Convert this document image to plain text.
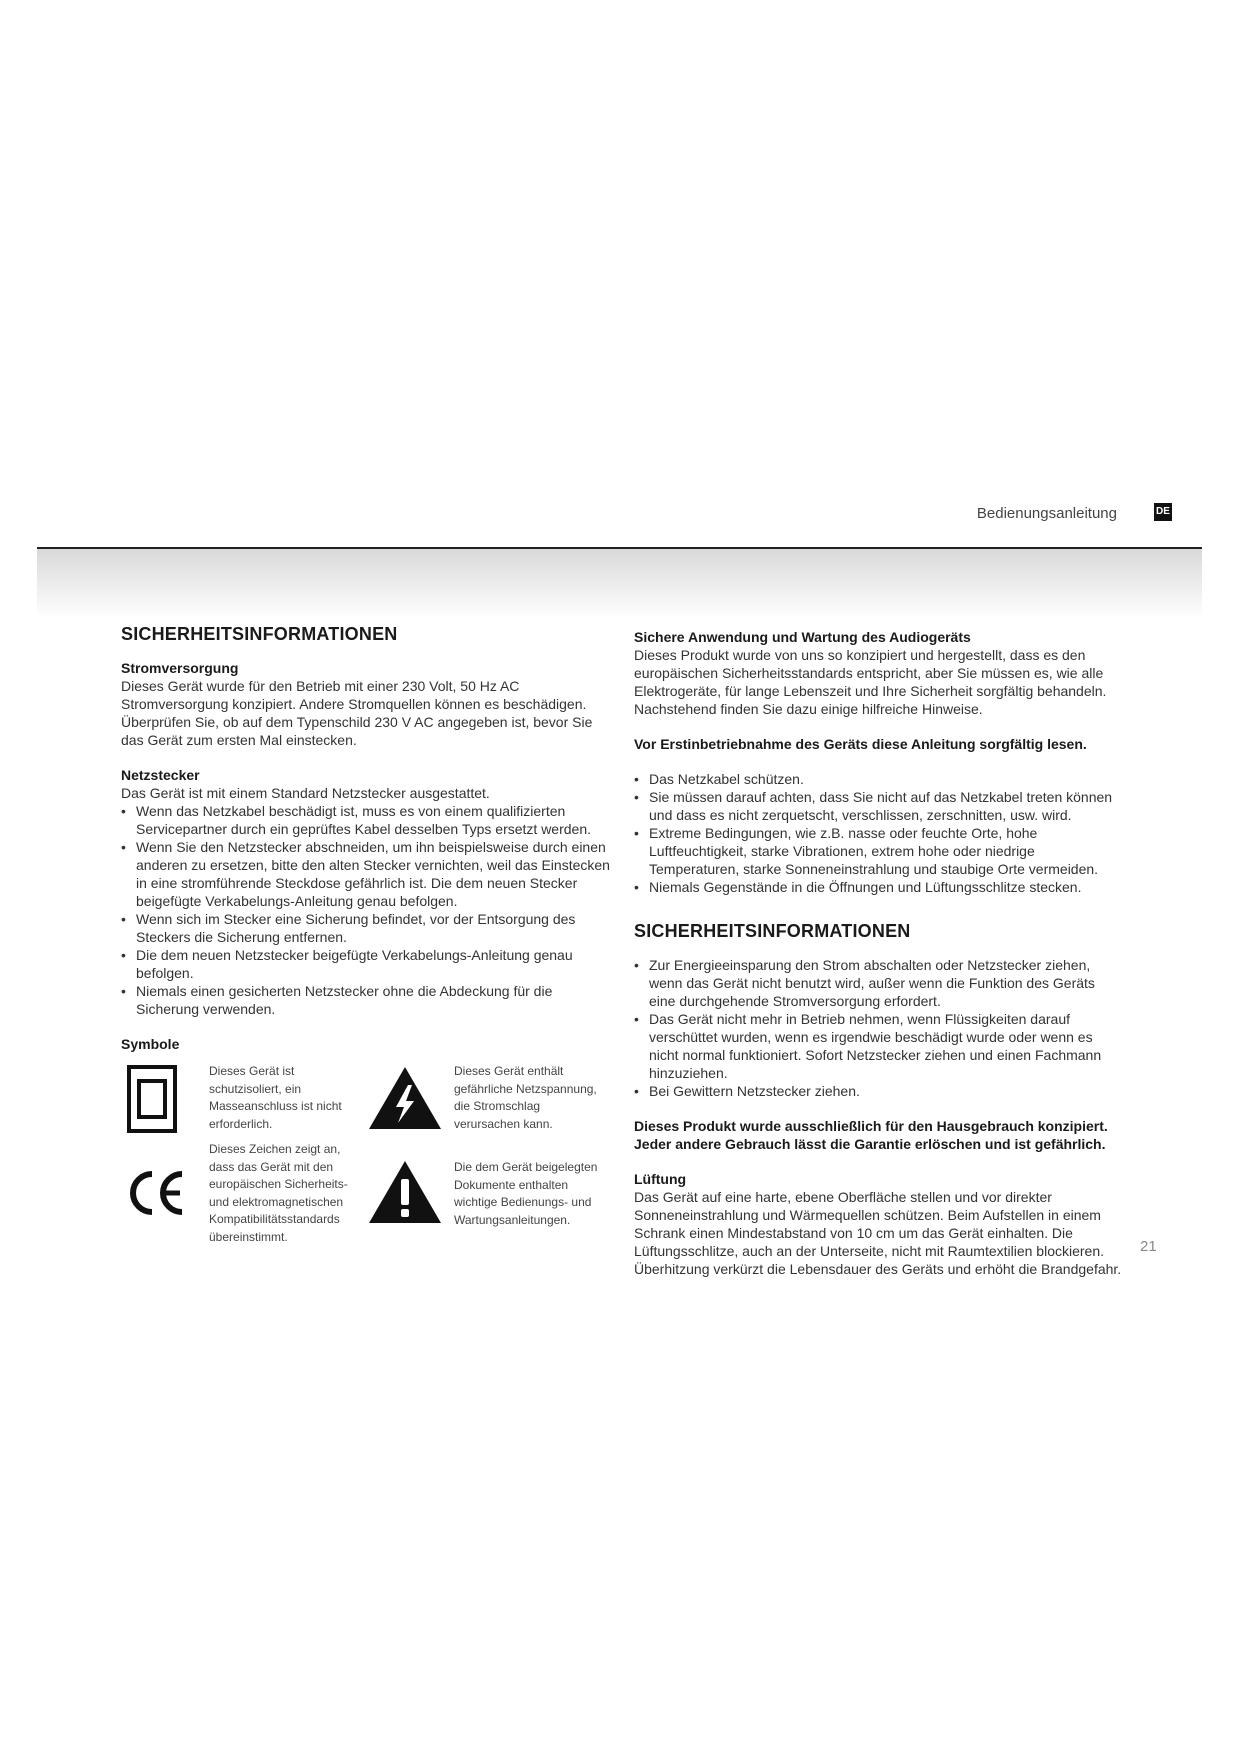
Bedienungsanleitung	DE
SICHERHEITSINFORMATIONEN
Stromversorgung

Dieses Gerät wurde für den Betrieb mit einer 230 Volt, 50 Hz AC Stromversorgung konzipiert. Andere Stromquellen können es beschädigen. Überprüfen Sie, ob auf dem Typenschild 230 V AC angegeben ist, bevor Sie das Gerät zum ersten Mal einstecken.

Netzstecker

Das Gerät ist mit einem Standard Netzstecker ausgestattet.

• Wenn das Netzkabel beschädigt ist, muss es von einem qualifizierten Servicepartner durch ein geprüftes Kabel desselben Typs ersetzt werden.
• Wenn Sie den Netzstecker abschneiden, um ihn beispielsweise durch einen anderen zu ersetzen, bitte den alten Stecker vernichten, weil das Einstecken in eine stromführende Steckdose gefährlich ist. Die dem neuen Stecker beigefügte Verkabelungs-Anleitung genau befolgen.
• Wenn sich im Stecker eine Sicherung befindet, vor der Entsorgung des Steckers die Sicherung entfernen.
• Die dem neuen Netzstecker beigefügte Verkabelungs-Anleitung genau befolgen.
• Niemals einen gesicherten Netzstecker ohne die Abdeckung für die Sicherung verwenden.
Symbole
Dieses Gerät ist schutzisoliert, ein Masseanschluss ist nicht erforderlich.
Dieses Gerät enthält gefährliche Netzspannung, die Stromschlag verursachen kann.
Dieses Zeichen zeigt an, dass das Gerät mit den europäischen Sicherheits- und elektromagnetischen Kompatibilitätsstandards übereinstimmt.
Die dem Gerät beigelegten Dokumente enthalten wichtige Bedienungs- und Wartungsanleitungen.
Sichere Anwendung und Wartung des Audiogeräts

Dieses Produkt wurde von uns so konzipiert und hergestellt, dass es den europäischen Sicherheitsstandards entspricht, aber Sie müssen es, wie alle Elektrogeräte, für lange Lebenszeit und Ihre Sicherheit sorgfältig behandeln. Nachstehend finden Sie dazu einige hilfreiche Hinweise.

Vor Erstinbetriebnahme des Geräts diese Anleitung sorgfältig lesen.

• Das Netzkabel schützen.
• Sie müssen darauf achten, dass Sie nicht auf das Netzkabel treten können und dass es nicht zerquetscht, verschlissen, zerschnitten, usw. wird.
• Extreme Bedingungen, wie z.B. nasse oder feuchte Orte, hohe Luftfeuchtigkeit, starke Vibrationen, extrem hohe oder niedrige Temperaturen, starke Sonneneinstrahlung und staubige Orte vermeiden.
• Niemals Gegenstände in die Öffnungen und Lüftungsschlitze stecken.
SICHERHEITSINFORMATIONEN
• Zur Energieeinsparung den Strom abschalten oder Netzstecker ziehen, wenn das Gerät nicht benutzt wird, außer wenn die Funktion des Geräts eine durchgehende Stromversorgung erfordert.
• Das Gerät nicht mehr in Betrieb nehmen, wenn Flüssigkeiten darauf verschüttet wurden, wenn es irgendwie beschädigt wurde oder wenn es nicht normal funktioniert. Sofort Netzstecker ziehen und einen Fachmann hinzuziehen.
• Bei Gewittern Netzstecker ziehen.

Dieses Produkt wurde ausschließlich für den Hausgebrauch konzipiert. Jeder andere Gebrauch lässt die Garantie erlöschen und ist gefährlich.

Lüftung

Das Gerät auf eine harte, ebene Oberfläche stellen und vor direkter Sonneneinstrahlung und Wärmequellen schützen. Beim Aufstellen in einem Schrank einen Mindestabstand von 10 cm um das Gerät einhalten. Die Lüftungsschlitze, auch an der Unterseite, nicht mit Raumtextilien blockieren. Überhitzung verkürzt die Lebensdauer des Geräts und erhöht die Brandgefahr.

21
